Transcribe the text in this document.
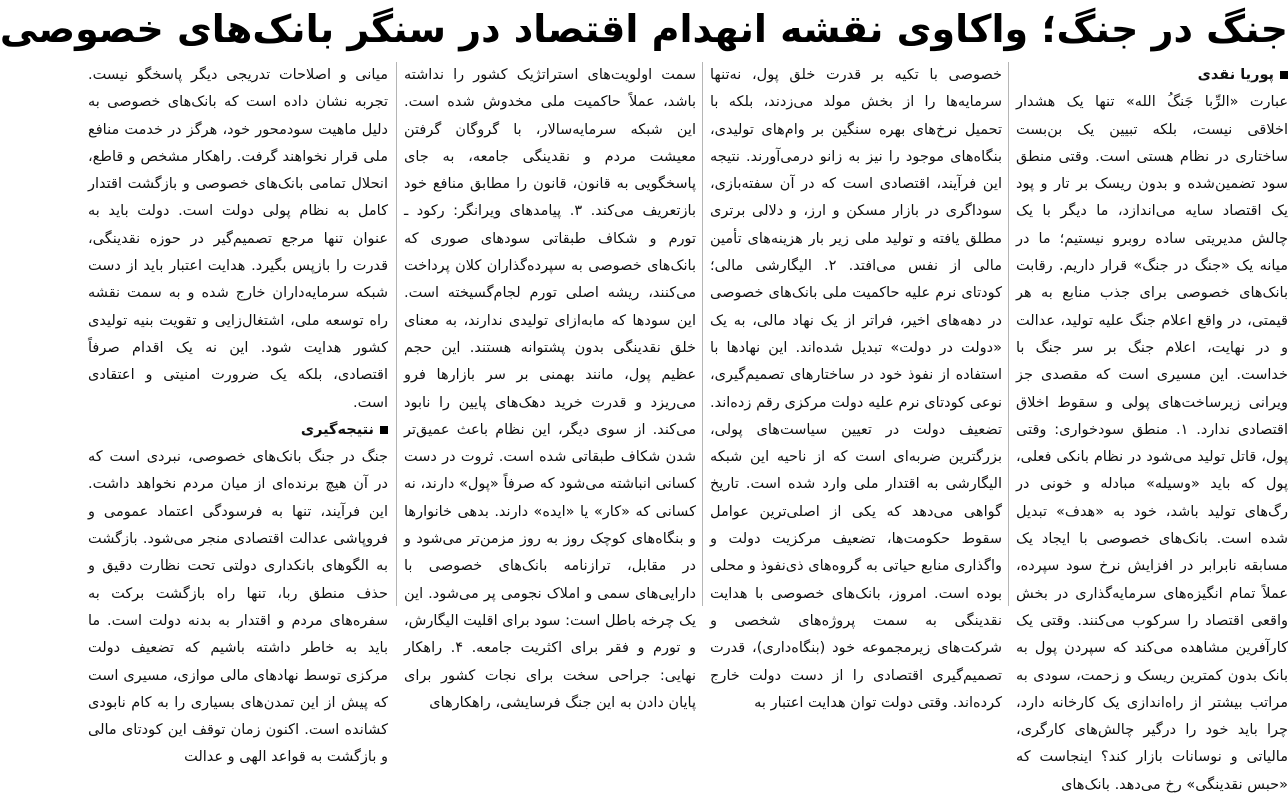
جنگ در جنگ؛ واکاوی نقشه انهدام اقتصاد در سنگر بانک‌های خصوصی

پوریا نقدی

عبارت «الرِّبا جَنگُ الله» تنها یک هشدار اخلاقی نیست، بلکه تبیین یک بن‌بست ساختاری در نظام هستی است. وقتی منطق سود تضمین‌شده و بدون ریسک بر تار و پود یک اقتصاد سایه می‌اندازد، ما دیگر با یک چالش مدیریتی ساده روبرو نیستیم؛ ما در میانه یک «جنگ در جنگ» قرار داریم. رقابت بانک‌های خصوصی برای جذب منابع به هر قیمتی، در واقع اعلام جنگ علیه تولید، عدالت و در نهایت، اعلام جنگ بر سر جنگ با خداست. این مسیری است که مقصدی جز ویرانی زیرساخت‌های پولی و سقوط اخلاق اقتصادی ندارد. ۱. منطق سودخواری: وقتی پول، قاتل تولید می‌شود در نظام بانکی فعلی، پول که باید «وسیله» مبادله و خونی در رگ‌های تولید باشد، خود به «هدف» تبدیل شده است. بانک‌های خصوصی با ایجاد یک مسابقه نابرابر در افزایش نرخ سود سپرده، عملاً تمام انگیزه‌های سرمایه‌گذاری در بخش واقعی اقتصاد را سرکوب می‌کنند. وقتی یک کارآفرین مشاهده می‌کند که سپردن پول به بانک بدون کمترین ریسک و زحمت، سودی به مراتب بیشتر از راه‌اندازی یک کارخانه دارد، چرا باید خود را درگیر چالش‌های کارگری، مالیاتی و نوسانات بازار کند؟ اینجاست که «حبس نقدینگی» رخ می‌دهد. بانک‌های

خصوصی با تکیه بر قدرت خلق پول، نه‌تنها سرمایه‌ها را از بخش مولد می‌زدند، بلکه با تحمیل نرخ‌های بهره سنگین بر وام‌های تولیدی، بنگاه‌های موجود را نیز به زانو درمی‌آورند. نتیجه این فرآیند، اقتصادی است که در آن سفته‌بازی، سوداگری در بازار مسکن و ارز، و دلالی برتری مطلق یافته و تولید ملی زیر بار هزینه‌های تأمین مالی از نفس می‌افتد. ۲. الیگارشی مالی؛ کودتای نرم علیه حاکمیت ملی بانک‌های خصوصی در دهه‌های اخیر، فراتر از یک نهاد مالی، به یک «دولت در دولت» تبدیل شده‌اند. این نهادها با استفاده از نفوذ خود در ساختارهای تصمیم‌گیری، نوعی کودتای نرم علیه دولت مرکزی رقم زده‌اند. تضعیف دولت در تعیین سیاست‌های پولی، بزرگترین ضربه‌ای است که از ناحیه این شبکه الیگارشی به اقتدار ملی وارد شده است. تاریخ گواهی می‌دهد که یکی از اصلی‌ترین عوامل سقوط حکومت‌ها، تضعیف مرکزیت دولت و واگذاری منابع حیاتی به گروه‌های ذی‌نفوذ و محلی بوده است. امروز، بانک‌های خصوصی با هدایت نقدینگی به سمت پروژه‌های شخصی و شرکت‌های زیرمجموعه خود (بنگاه‌داری)، قدرت تصمیم‌گیری اقتصادی را از دست دولت خارج کرده‌اند. وقتی دولت توان هدایت اعتبار به

سمت اولویت‌های استراتژیک کشور را نداشته باشد، عملاً حاکمیت ملی مخدوش شده است. این شبکه سرمایه‌سالار، با گروگان گرفتن معیشت مردم و نقدینگی جامعه، به جای پاسخگویی به قانون، قانون را مطابق منافع خود بازتعریف می‌کند. ۳. پیامدهای ویرانگر: رکود ـ تورم و شکاف طبقاتی سودهای صوری که بانک‌های خصوصی به سپرده‌گذاران کلان پرداخت می‌کنند، ریشه اصلی تورم لجام‌گسیخته است. این سودها که مابه‌ازای تولیدی ندارند، به معنای خلق نقدینگی بدون پشتوانه هستند. این حجم عظیم پول، مانند بهمنی بر سر بازارها فرو می‌ریزد و قدرت خرید دهک‌های پایین را نابود می‌کند. از سوی دیگر، این نظام باعث عمیق‌تر شدن شکاف طبقاتی شده است. ثروت در دست کسانی انباشته می‌شود که صرفاً «پول» دارند، نه کسانی که «کار» یا «ایده» دارند. بدهی خانوارها و بنگاه‌های کوچک روز به روز مزمن‌تر می‌شود و در مقابل، ترازنامه بانک‌های خصوصی با دارایی‌های سمی و املاک نجومی پر می‌شود. این یک چرخه باطل است: سود برای اقلیت الیگارش، و تورم و فقر برای اکثریت جامعه. ۴. راهکار نهایی: جراحی سخت برای نجات کشور برای پایان دادن به این جنگ فرسایشی، راهکارهای

میانی و اصلاحات تدریجی دیگر پاسخگو نیست. تجربه نشان داده است که بانک‌های خصوصی به دلیل ماهیت سودمحور خود، هرگز در خدمت منافع ملی قرار نخواهند گرفت. راهکار مشخص و قاطع، انحلال تمامی بانک‌های خصوصی و بازگشت اقتدار کامل به نظام پولی دولت است. دولت باید به عنوان تنها مرجع تصمیم‌گیر در حوزه نقدینگی، قدرت را بازپس بگیرد. هدایت اعتبار باید از دست شبکه سرمایه‌داران خارج شده و به سمت نقشه راه توسعه ملی، اشتغال‌زایی و تقویت بنیه تولیدی کشور هدایت شود. این نه یک اقدام صرفاً اقتصادی، بلکه یک ضرورت امنیتی و اعتقادی است.

نتیجه‌گیری

جنگ در جنگ بانک‌های خصوصی، نبردی است که در آن هیچ برنده‌ای از میان مردم نخواهد داشت. این فرآیند، تنها به فرسودگی اعتماد عمومی و فروپاشی عدالت اقتصادی منجر می‌شود. بازگشت به الگوهای بانکداری دولتی تحت نظارت دقیق و حذف منطق ربا، تنها راه بازگشت برکت به سفره‌های مردم و اقتدار به بدنه دولت است. ما باید به خاطر داشته باشیم که تضعیف دولت مرکزی توسط نهادهای مالی موازی، مسیری است که پیش از این تمدن‌های بسیاری را به کام نابودی کشانده است. اکنون زمان توقف این کودتای مالی و بازگشت به قواعد الهی و عدالت
